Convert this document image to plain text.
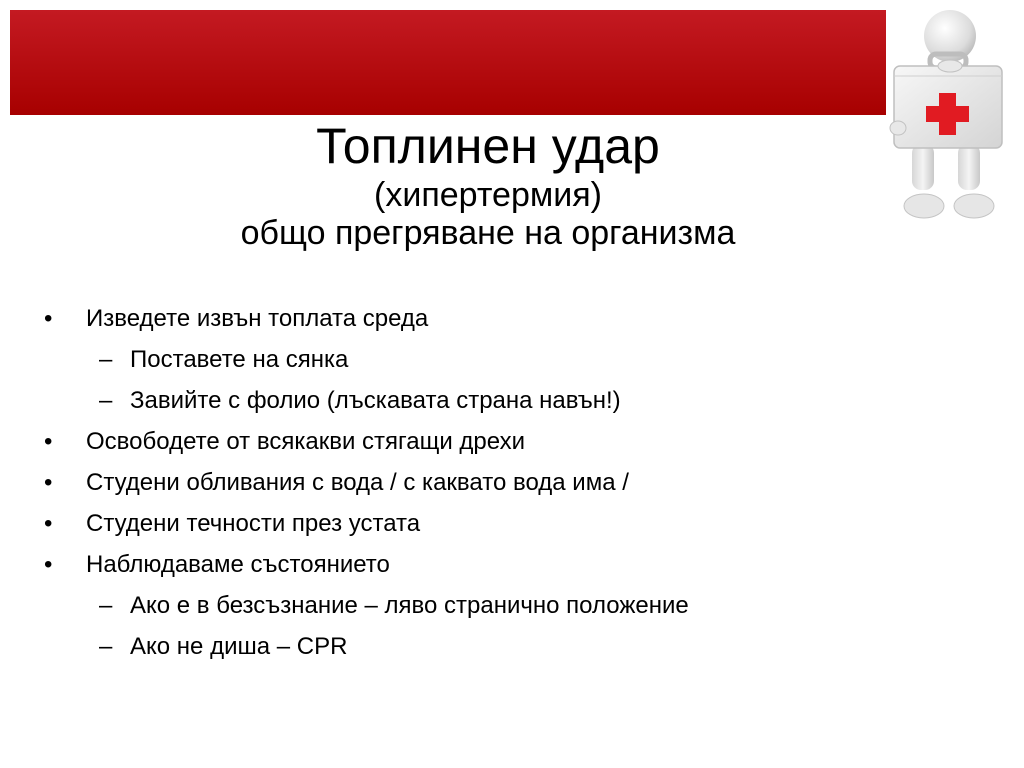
Топлинен удар
(хипертермия)
общо прегряване на организма
• Изведете извън топлата среда
– Поставете на сянка
– Завийте с фолио (лъскавата страна навън!)
• Освободете от всякакви стягащи дрехи
• Студени обливания с вода / с каквато вода има /
• Студени течности през устата
• Наблюдаваме състоянието
– Ако е в безсъзнание – ляво странично положение
– Ако не диша – CPR
